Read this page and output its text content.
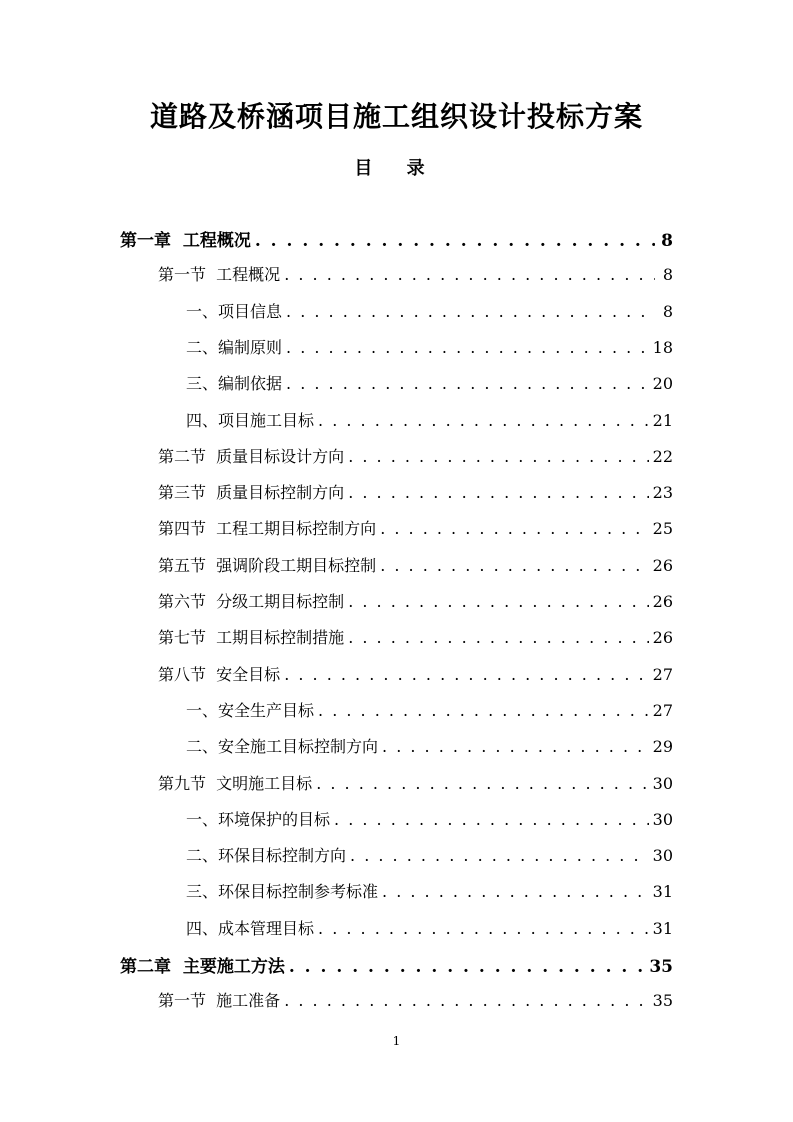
道路及桥涵项目施工组织设计投标方案
目 录
第一章  工程概况 . . .	8
第一节  工程概况 . . .	8
一、项目信息 . . .	8
二、编制原则 . . .	18
三、编制依据 . . .	20
四、项目施工目标 . . .	21
第二节  质量目标设计方向 . . .	22
第三节  质量目标控制方向 . . .	23
第四节  工程工期目标控制方向 . . .	25
第五节  强调阶段工期目标控制 . . .	26
第六节  分级工期目标控制 . . .	26
第七节  工期目标控制措施 . . .	26
第八节  安全目标 . . .	27
一、安全生产目标 . . .	27
二、安全施工目标控制方向 . . .	29
第九节  文明施工目标 . . .	30
一、环境保护的目标 . . .	30
二、环保目标控制方向 . . .	30
三、环保目标控制参考标准 . . .	31
四、成本管理目标 . . .	31
第二章  主要施工方法 . . .	35
第一节  施工准备 . . .	35
1
